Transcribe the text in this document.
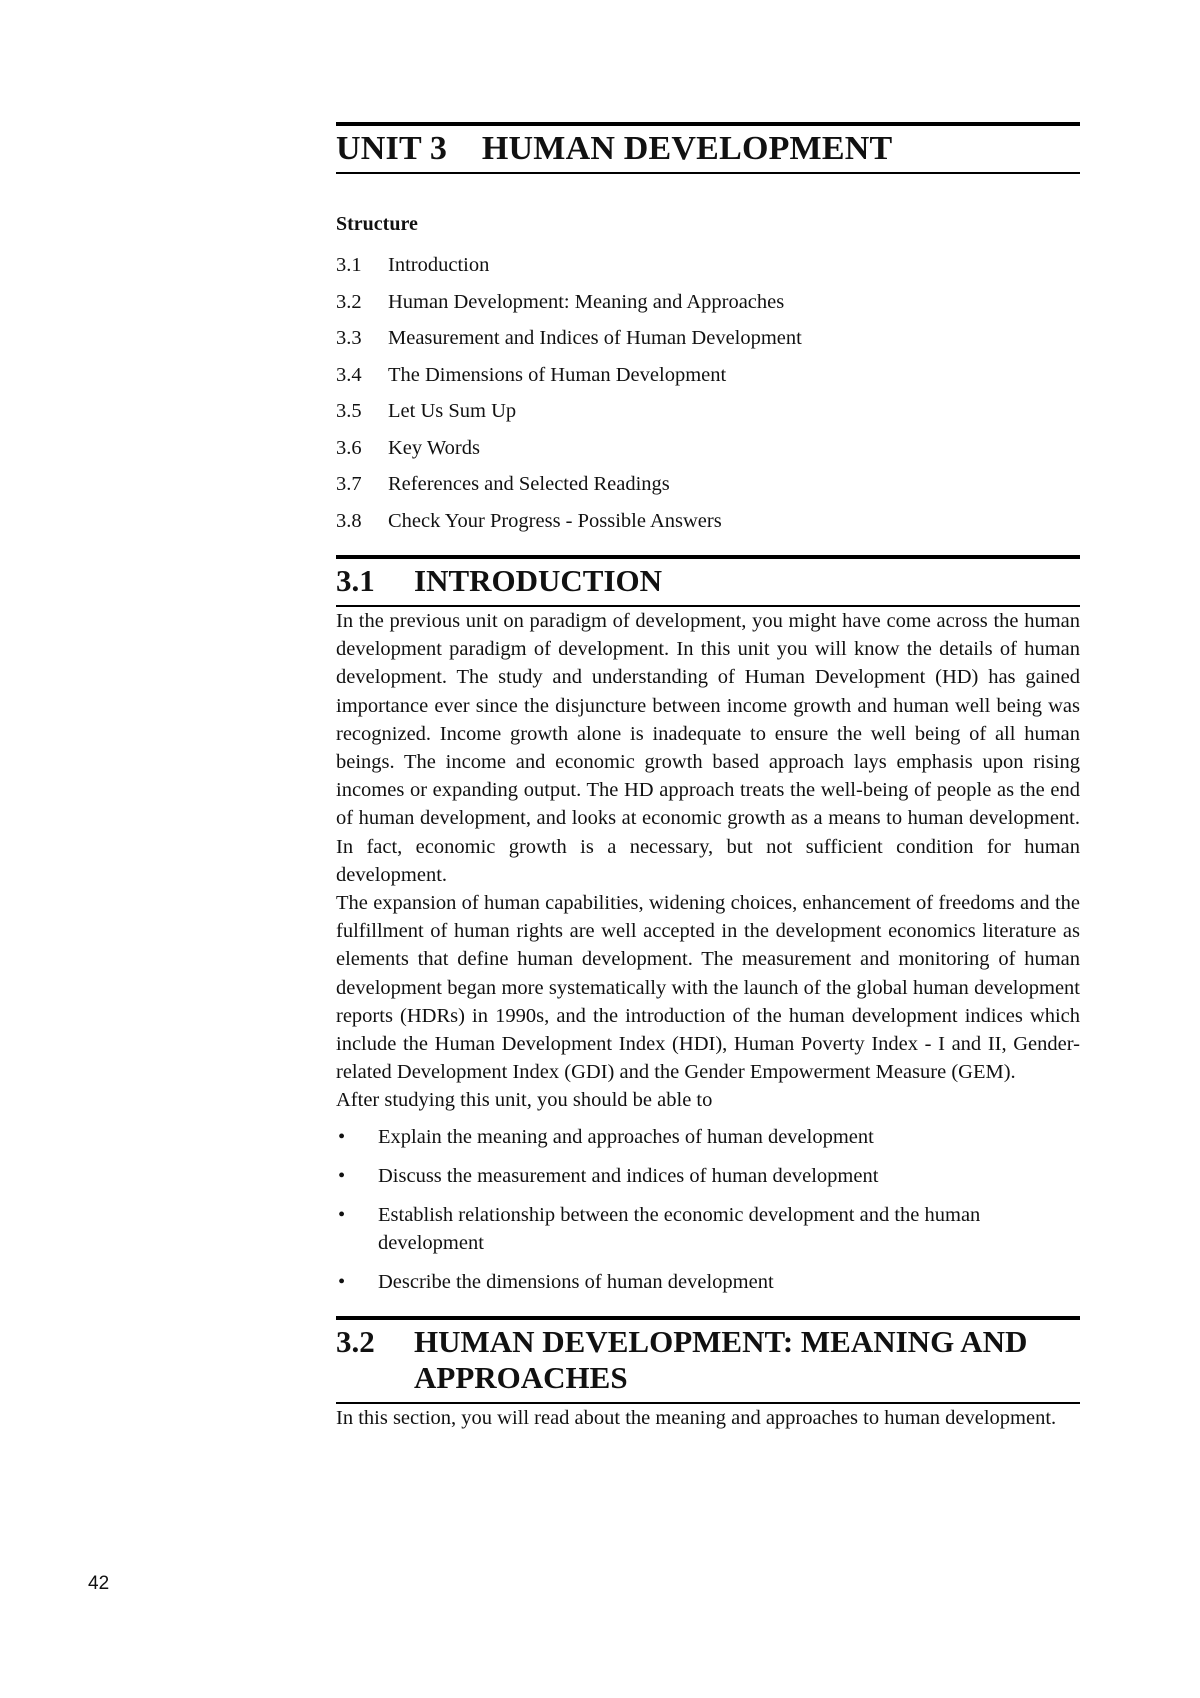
UNIT 3    HUMAN DEVELOPMENT
Structure
3.1	Introduction
3.2	Human Development: Meaning and Approaches
3.3	Measurement and Indices of Human Development
3.4	The Dimensions of Human Development
3.5	Let Us Sum Up
3.6	Key Words
3.7	References and Selected Readings
3.8	Check Your Progress - Possible Answers
3.1	INTRODUCTION

In the previous unit on paradigm of development, you might have come across the human development paradigm of development. In this unit you will know the details of human development. The study and understanding of Human Development (HD) has gained importance ever since the disjuncture between income growth and human well being was recognized. Income growth alone is inadequate to ensure the well being of all human beings. The income and economic growth based approach lays emphasis upon rising incomes or expanding output. The HD approach treats the well-being of people as the end of human development, and looks at economic growth as a means to human development. In fact, economic growth is a necessary, but not sufficient condition for human development.

The expansion of human capabilities, widening choices, enhancement of freedoms and the fulfillment of human rights are well accepted in the development economics literature as elements that define human development. The measurement and monitoring of human development began more systematically with the launch of the global human development reports (HDRs) in 1990s, and the introduction of the human development indices which include the Human Development Index (HDI), Human Poverty Index - I and II, Gender-related Development Index (GDI) and the Gender Empowerment Measure (GEM).

After studying this unit, you should be able to

•	Explain the meaning and approaches of human development
•	Discuss the measurement and indices of human development
•	Establish relationship between the economic development and the human development
•	Describe the dimensions of human development
3.2	HUMAN DEVELOPMENT: MEANING AND
APPROACHES

In this section, you will read about the meaning and approaches to human development.

42
